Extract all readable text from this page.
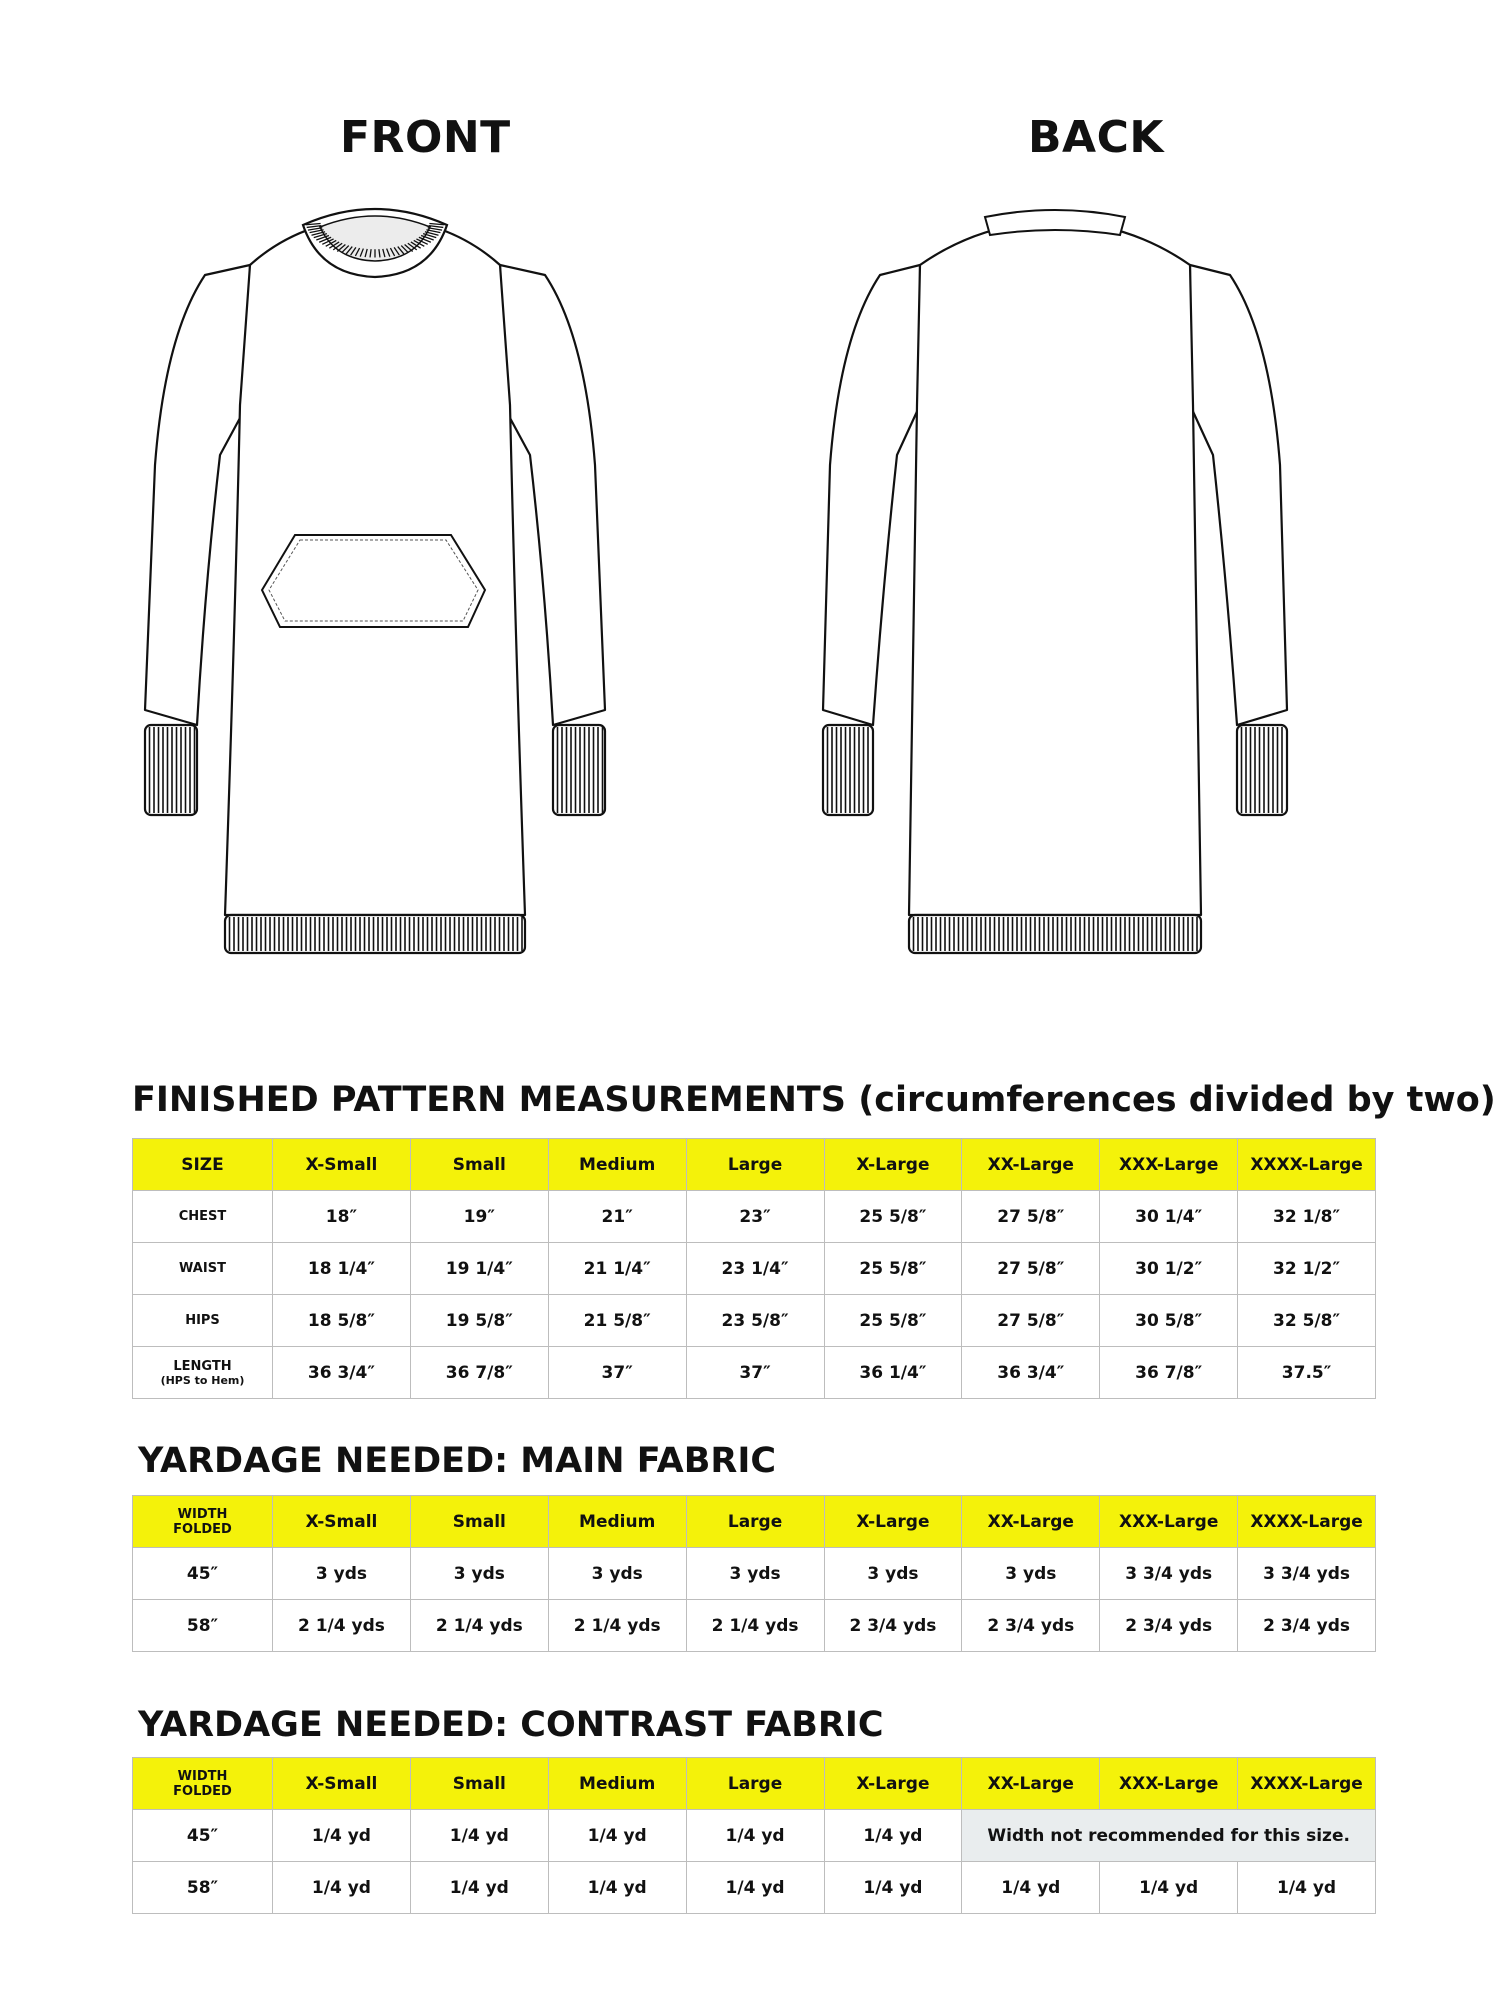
FRONT	BACK
FINISHED PATTERN MEASUREMENTS (circumferences divided by two)
SIZE	X-Small	Small	Medium	Large	X-Large	XX-Large	XXX-Large	XXXX-Large
CHEST	18″	19″	21″	23″	25 5/8″	27 5/8″	30 1/4″	32 1/8″
WAIST	18 1/4″	19 1/4″	21 1/4″	23 1/4″	25 5/8″	27 5/8″	30 1/2″	32 1/2″
HIPS	18 5/8″	19 5/8″	21 5/8″	23 5/8″	25 5/8″	27 5/8″	30 5/8″	32 5/8″
LENGTH
(HPS to Hem)	36 3/4″	36 7/8″	37″	37″	36 1/4″	36 3/4″	36 7/8″	37.5″
YARDAGE NEEDED: MAIN FABRIC
WIDTH
FOLDED	X-Small	Small	Medium	Large	X-Large	XX-Large	XXX-Large	XXXX-Large
45″	3 yds	3 yds	3 yds	3 yds	3 yds	3 yds	3 3/4 yds	3 3/4 yds
58″	2 1/4 yds	2 1/4 yds	2 1/4 yds	2 1/4 yds	2 3/4 yds	2 3/4 yds	2 3/4 yds	2 3/4 yds
YARDAGE NEEDED: CONTRAST FABRIC
WIDTH
FOLDED	X-Small	Small	Medium	Large	X-Large	XX-Large	XXX-Large	XXXX-Large
45″	1/4 yd	1/4 yd	1/4 yd	1/4 yd	1/4 yd	Width not recommended for this size.		
58″	1/4 yd	1/4 yd	1/4 yd	1/4 yd	1/4 yd	1/4 yd	1/4 yd	1/4 yd
